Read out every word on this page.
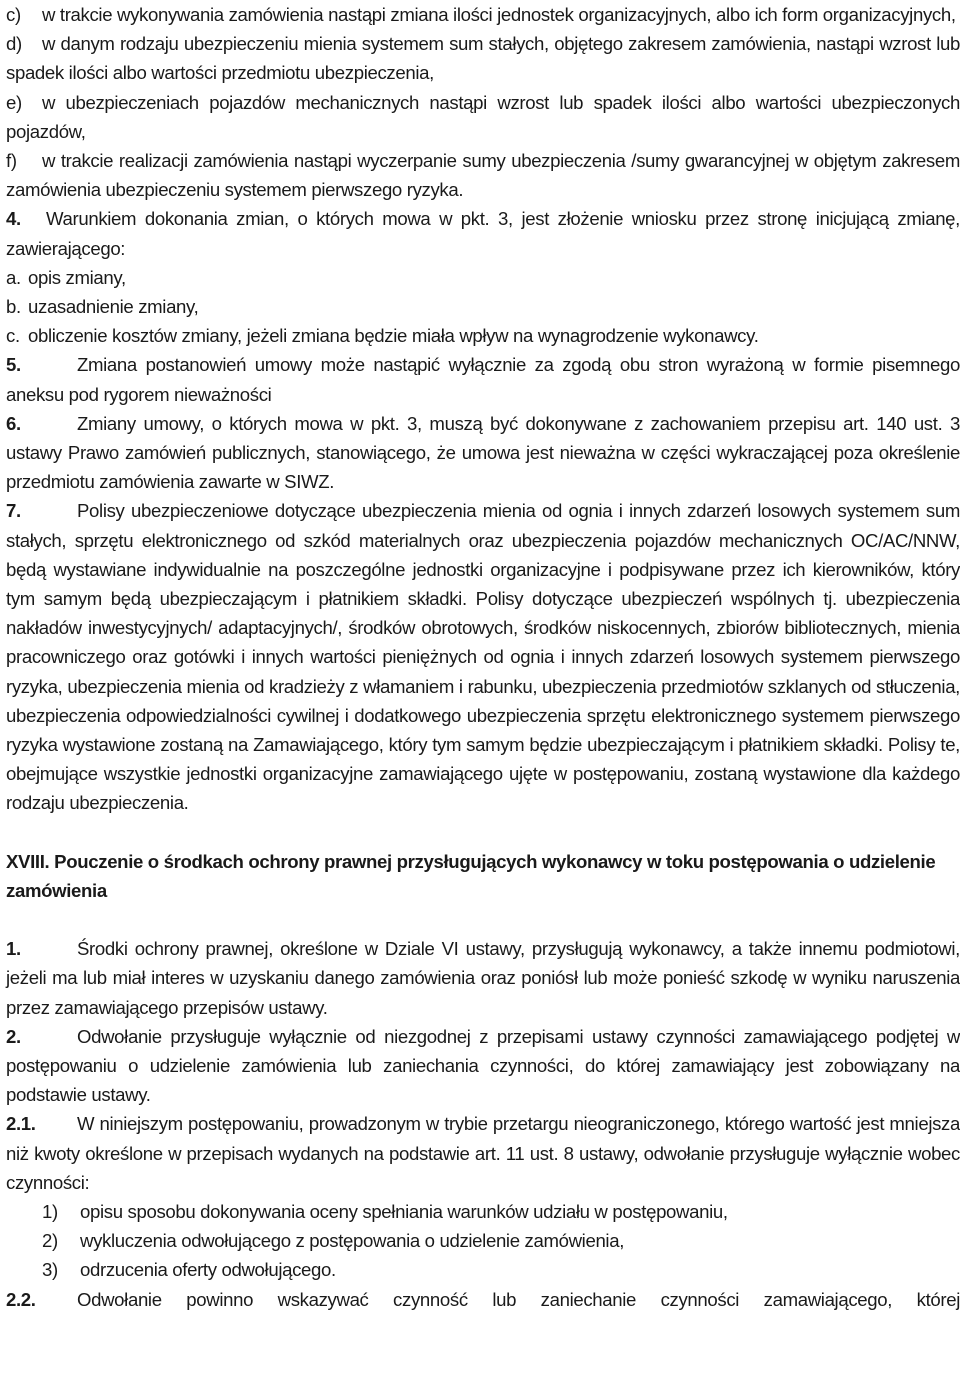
c) w trakcie wykonywania zamówienia nastąpi zmiana ilości jednostek organizacyjnych, albo ich form organizacyjnych,

d) w danym rodzaju ubezpieczeniu mienia systemem sum stałych, objętego zakresem zamówienia, nastąpi wzrost lub spadek ilości albo wartości przedmiotu ubezpieczenia,

e) w ubezpieczeniach pojazdów mechanicznych nastąpi wzrost lub spadek ilości albo wartości ubezpieczonych pojazdów,

f) w trakcie realizacji zamówienia nastąpi wyczerpanie sumy ubezpieczenia /sumy gwarancyjnej w objętym zakresem zamówienia ubezpieczeniu systemem pierwszego ryzyka.

4. Warunkiem dokonania zmian, o których mowa w pkt. 3, jest złożenie wniosku przez stronę inicjującą zmianę, zawierającego:

a. opis zmiany,

b. uzasadnienie zmiany,

c. obliczenie kosztów zmiany, jeżeli zmiana będzie miała wpływ na wynagrodzenie wykonawcy.

5.	Zmiana postanowień umowy może nastąpić wyłącznie za zgodą obu stron wyrażoną w formie pisemnego aneksu pod rygorem nieważności

6.	Zmiany umowy, o których mowa w pkt. 3, muszą być dokonywane z zachowaniem przepisu art. 140 ust. 3 ustawy Prawo zamówień publicznych, stanowiącego, że umowa jest nieważna w części wykraczającej poza określenie przedmiotu zamówienia zawarte w SIWZ.

7.	Polisy ubezpieczeniowe dotyczące ubezpieczenia mienia od ognia i innych zdarzeń losowych systemem sum stałych, sprzętu elektronicznego od szkód materialnych oraz ubezpieczenia pojazdów mechanicznych OC/AC/NNW, będą wystawiane indywidualnie na poszczególne jednostki organizacyjne i podpisywane przez ich kierowników, który tym samym będą ubezpieczającym i płatnikiem składki. Polisy dotyczące ubezpieczeń wspólnych tj. ubezpieczenia nakładów inwestycyjnych/ adaptacyjnych/, środków obrotowych, środków niskocennych, zbiorów bibliotecznych, mienia pracowniczego oraz gotówki i innych wartości pieniężnych od ognia i innych zdarzeń losowych systemem pierwszego ryzyka, ubezpieczenia mienia od kradzieży z włamaniem i rabunku, ubezpieczenia przedmiotów szklanych od stłuczenia, ubezpieczenia odpowiedzialności cywilnej i dodatkowego ubezpieczenia sprzętu elektronicznego systemem pierwszego ryzyka wystawione zostaną na Zamawiającego, który tym samym będzie ubezpieczającym i płatnikiem składki. Polisy te, obejmujące wszystkie jednostki organizacyjne zamawiającego ujęte w postępowaniu, zostaną wystawione dla każdego rodzaju ubezpieczenia.

XVIII. Pouczenie o środkach ochrony prawnej przysługujących wykonawcy w toku postępowania o udzielenie zamówienia

1.	Środki ochrony prawnej, określone w Dziale VI ustawy, przysługują wykonawcy, a także innemu podmiotowi, jeżeli ma lub miał interes w uzyskaniu danego zamówienia oraz poniósł lub może ponieść szkodę w wyniku naruszenia przez zamawiającego przepisów ustawy.

2.	Odwołanie przysługuje wyłącznie od niezgodnej z przepisami ustawy czynności zamawiającego podjętej w postępowaniu o udzielenie zamówienia lub zaniechania czynności, do której zamawiający jest zobowiązany na podstawie ustawy.

2.1. W niniejszym postępowaniu, prowadzonym w trybie przetargu nieograniczonego, którego wartość jest mniejsza niż kwoty określone w przepisach wydanych na podstawie art. 11 ust. 8 ustawy, odwołanie przysługuje wyłącznie wobec czynności:

1) opisu sposobu dokonywania oceny spełniania warunków udziału w postępowaniu,

2) wykluczenia odwołującego z postępowania o udzielenie zamówienia,

3) odrzucenia oferty odwołującego.

2.2. Odwołanie powinno wskazywać czynność lub zaniechanie czynności zamawiającego, której
